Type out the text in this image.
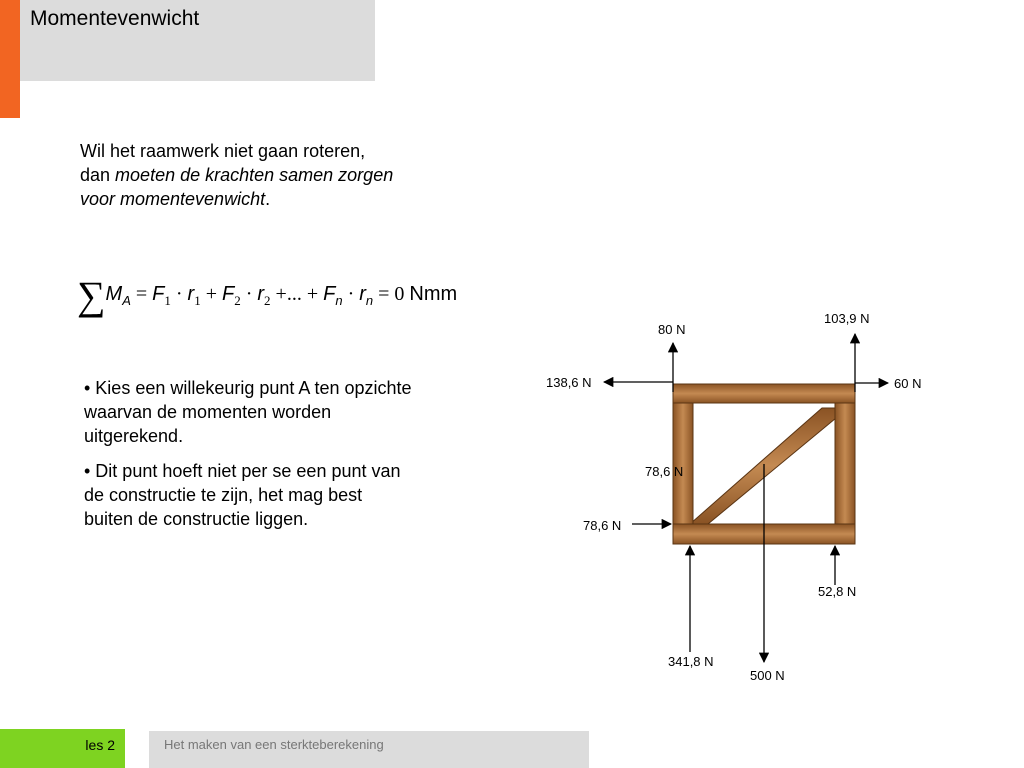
Momentevenwicht

Wil het raamwerk niet gaan roteren,

dan moeten de krachten samen zorgen

voor momentevenwicht.

$\sum M_A = F_1 \cdot r_1 + F_2 \cdot r_2$ +... + $F_n \cdot r_n = 0$ Nmm

• Kies een willekeurig punt A ten opzichte waarvan de momenten worden uitgerekend.

• Dit punt hoeft niet per se een punt van de constructie te zijn, het mag best buiten de constructie liggen.

80 N
103,9 N
138,6 N	60 N
78,6 N
78,6 N
52,8 N
341,8 N
500 N
les 2	Het maken van een sterkteberekening
